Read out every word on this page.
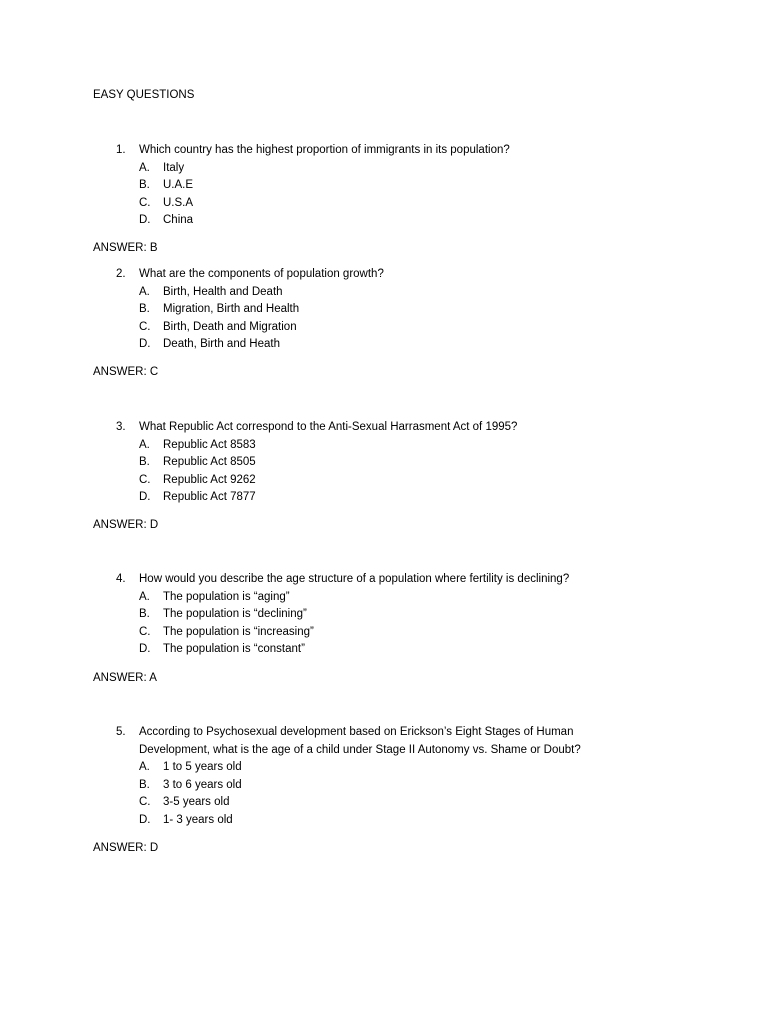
EASY QUESTIONS
1. Which country has the highest proportion of immigrants in its population?
A. Italy
B. U.A.E
C. U.S.A
D. China
ANSWER: B
2. What are the components of population growth?
A. Birth, Health and Death
B. Migration, Birth and Health
C. Birth, Death and Migration
D. Death, Birth and Heath
ANSWER: C
3. What Republic Act correspond to the Anti-Sexual Harrasment Act of 1995?
A. Republic Act 8583
B. Republic Act 8505
C. Republic Act 9262
D. Republic Act 7877
ANSWER: D
4. How would you describe the age structure of a population where fertility is declining?
A. The population is “aging”
B. The population is “declining”
C. The population is “increasing”
D. The population is “constant”
ANSWER: A
5. According to Psychosexual development based on Erickson’s Eight Stages of Human
Development, what is the age of a child under Stage II Autonomy vs. Shame or Doubt?
A. 1 to 5 years old
B. 3 to 6 years old
C. 3-5 years old
D. 1- 3 years old
ANSWER: D
